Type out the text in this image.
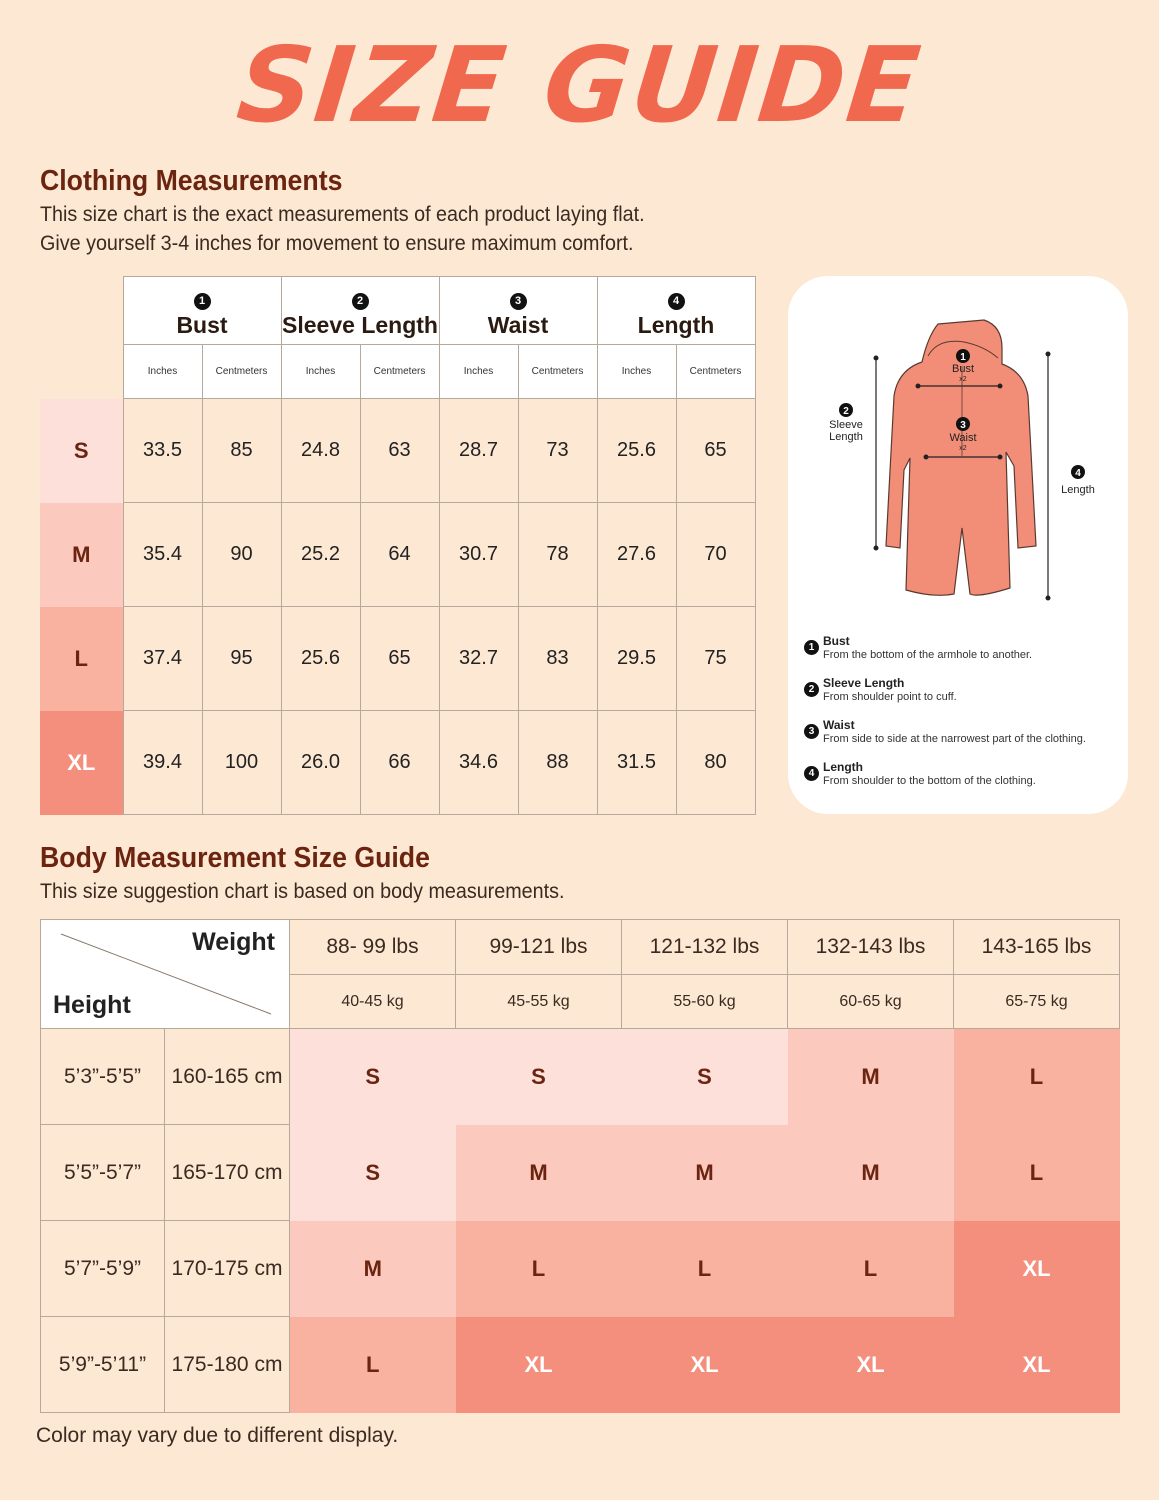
SIZE GUIDE
Clothing Measurements
This size chart is the exact measurements of each product laying flat.
Give yourself 3-4 inches for movement to ensure maximum comfort.
	1
Bust		2
Sleeve Length		3
Waist		4
Length	
	Inches	Centmeters	Inches	Centmeters	Inches	Centmeters	Inches	Centmeters
S	33.5	85	24.8	63	28.7	73	25.6	65
M	35.4	90	25.2	64	30.7	78	27.6	70
L	37.4	95	25.6	65	32.7	83	29.5	75
XL	39.4	100	26.0	66	34.6	88	31.5	80
1
Bust
x2
3
Waist
x2
2
Sleeve
Length
4
Length
1 Bust
From the bottom of the armhole to another.
2 Sleeve Length
From shoulder point to cuff.
3 Waist
From side to side at the narrowest part of the clothing.
4 Length
From shoulder to the bottom of the clothing.
Body Measurement Size Guide
This size suggestion chart is based on body measurements.
Weight
Height		88- 99 lbs	99-121 lbs	121-132 lbs	132-143 lbs	143-165 lbs
		40-45 kg	45-55 kg	55-60 kg	60-65 kg	65-75 kg
5’3”-5’5”	160-165 cm	S	S	S	M	L
5’5”-5’7”	165-170 cm	S	M	M	M	L
5’7”-5’9”	170-175 cm	M	L	L	L	XL
5’9”-5’11”	175-180 cm	L	XL	XL	XL	XL
Color may vary due to different display.
